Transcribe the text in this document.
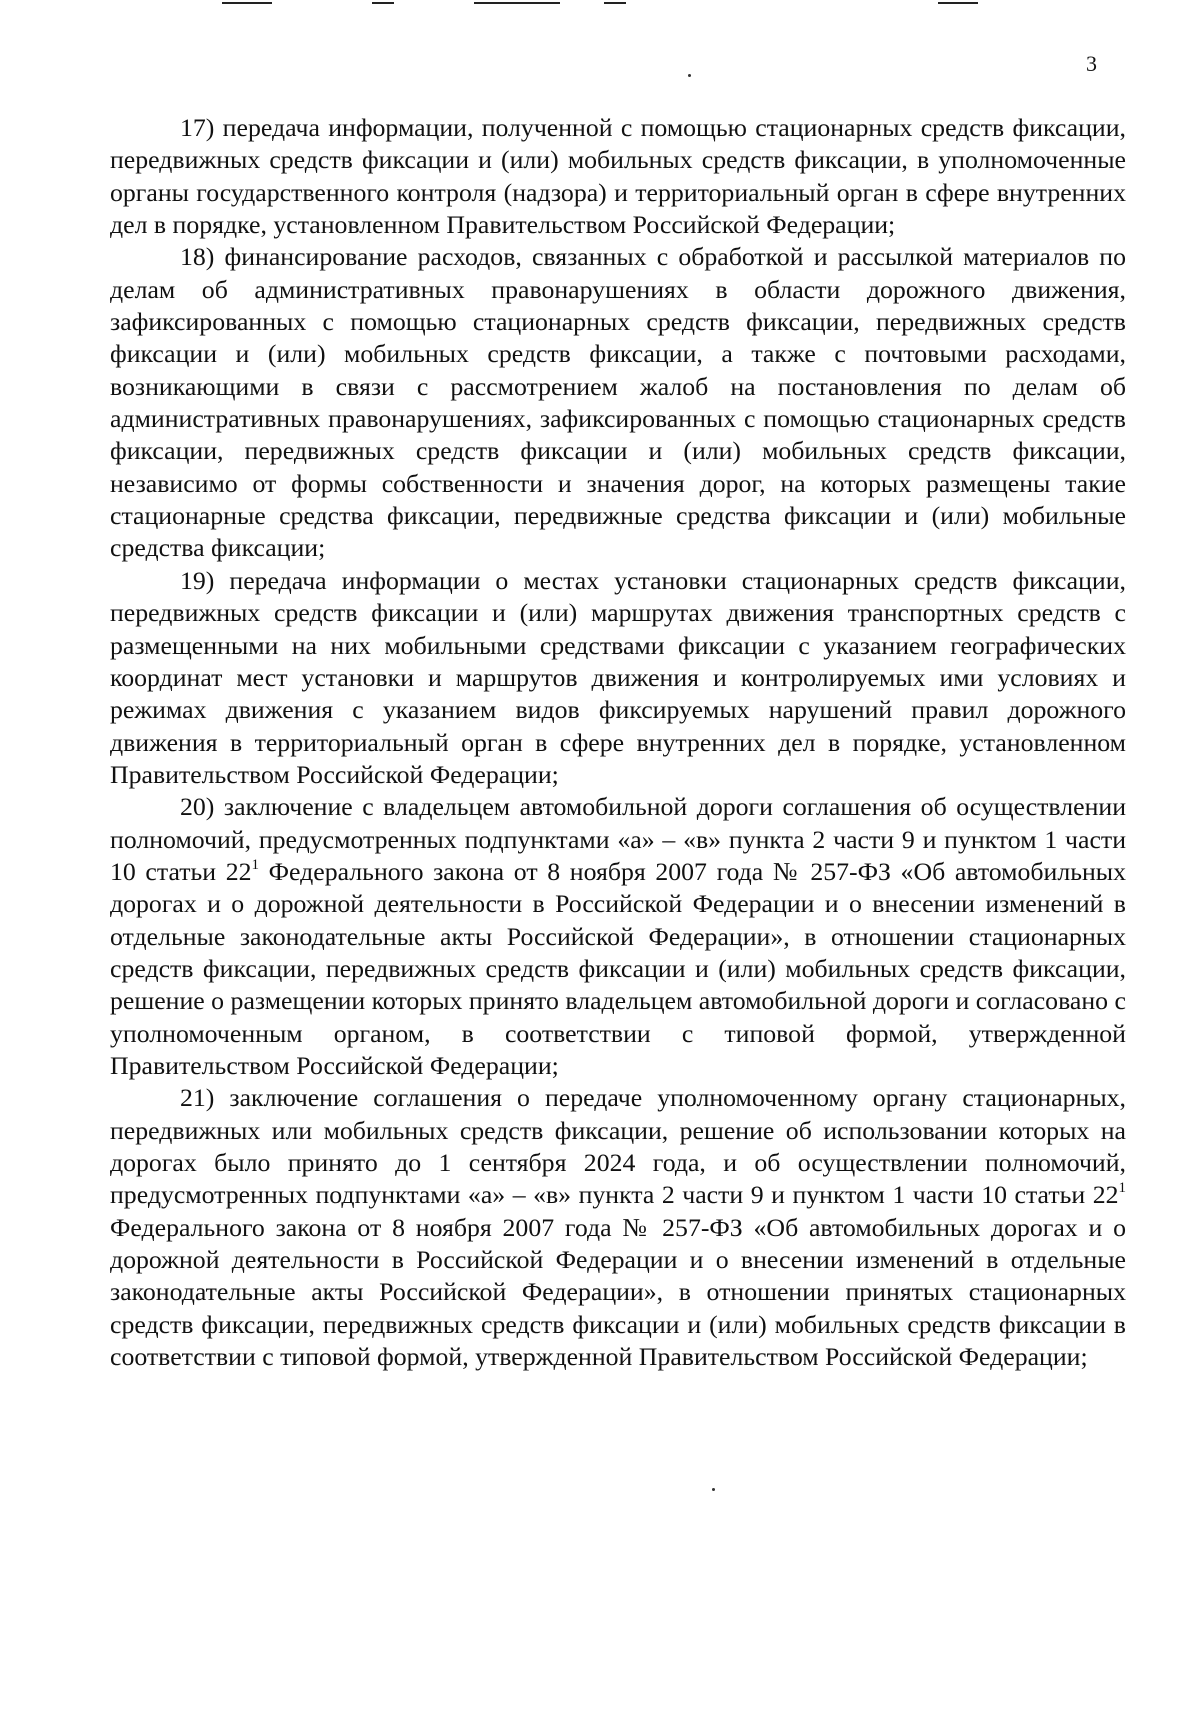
3

17) передача информации, полученной с помощью стационарных средств фиксации, передвижных средств фиксации и (или) мобильных средств фиксации, в уполномоченные органы государственного контроля (надзора) и территориальный орган в сфере внутренних дел в порядке, установленном Правительством Российской Федерации;

18) финансирование расходов, связанных с обработкой и рассылкой материалов по делам об административных правонарушениях в области дорожного движения, зафиксированных с помощью стационарных средств фиксации, передвижных средств фиксации и (или) мобильных средств фиксации, а также с почтовыми расходами, возникающими в связи с рассмотрением жалоб на постановления по делам об административных правонарушениях, зафиксированных с помощью стационарных средств фиксации, передвижных средств фиксации и (или) мобильных средств фиксации, независимо от формы собственности и значения дорог, на которых размещены такие стационарные средства фиксации, передвижные средства фиксации и (или) мобильные средства фиксации;

19) передача информации о местах установки стационарных средств фиксации, передвижных средств фиксации и (или) маршрутах движения транспортных средств с размещенными на них мобильными средствами фиксации с указанием географических координат мест установки и маршрутов движения и контролируемых ими условиях и режимах движения с указанием видов фиксируемых нарушений правил дорожного движения в территориальный орган в сфере внутренних дел в порядке, установленном Правительством Российской Федерации;

20) заключение с владельцем автомобильной дороги соглашения об осуществлении полномочий, предусмотренных подпунктами «а» – «в» пункта 2 части 9 и пунктом 1 части 10 статьи $22^1$ Федерального закона от 8 ноября 2007 года № 257-ФЗ «Об автомобильных дорогах и о дорожной деятельности в Российской Федерации и о внесении изменений в отдельные законодательные акты Российской Федерации», в отношении стационарных средств фиксации, передвижных средств фиксации и (или) мобильных средств фиксации, решение о размещении которых принято владельцем автомобильной дороги и согласовано с уполномоченным органом, в соответствии с типовой формой, утвержденной Правительством Российской Федерации;

21) заключение соглашения о передаче уполномоченному органу стационарных, передвижных или мобильных средств фиксации, решение об использовании которых на дорогах было принято до 1 сентября 2024 года, и об осуществлении полномочий, предусмотренных подпунктами «а» – «в» пункта 2 части 9 и пунктом 1 части 10 статьи $22^1$ Федерального закона от 8 ноября 2007 года № 257-ФЗ «Об автомобильных дорогах и о дорожной деятельности в Российской Федерации и о внесении изменений в отдельные законодательные акты Российской Федерации», в отношении принятых стационарных средств фиксации, передвижных средств фиксации и (или) мобильных средств фиксации в соответствии с типовой формой, утвержденной Правительством Российской Федерации;
